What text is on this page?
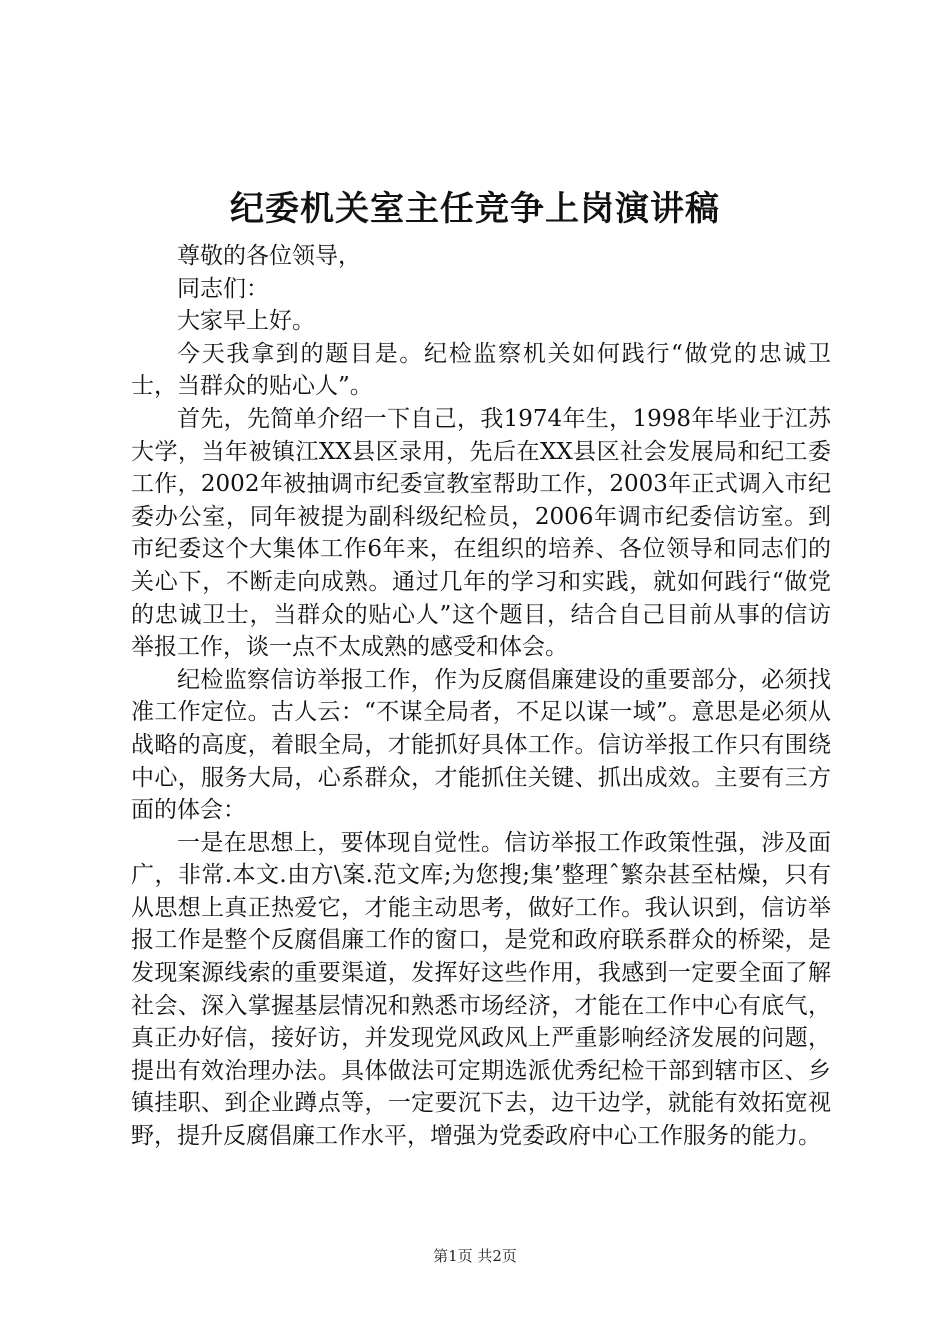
纪委机关室主任竞争上岗演讲稿

尊敬的各位领导，

同志们：

大家早上好。

今天我拿到的题目是。纪检监察机关如何践行“做党的忠诚卫士，当群众的贴心人”。

首先，先简单介绍一下自己，我1974年生，1998年毕业于江苏大学，当年被镇江XX县区录用，先后在XX县区社会发展局和纪工委工作，2002年被抽调市纪委宣教室帮助工作，2003年正式调入市纪委办公室，同年被提为副科级纪检员，2006年调市纪委信访室。到市纪委这个大集体工作6年来，在组织的培养、各位领导和同志们的关心下，不断走向成熟。通过几年的学习和实践，就如何践行“做党的忠诚卫士，当群众的贴心人”这个题目，结合自己目前从事的信访举报工作，谈一点不太成熟的感受和体会。

纪检监察信访举报工作，作为反腐倡廉建设的重要部分，必须找准工作定位。古人云：“不谋全局者，不足以谋一域”。意思是必须从战略的高度，着眼全局，才能抓好具体工作。信访举报工作只有围绕中心，服务大局，心系群众，才能抓住关键、抓出成效。主要有三方面的体会：

一是在思想上，要体现自觉性。信访举报工作政策性强，涉及面广，非常.本文.由方\案.范文库;为您搜;集’整理ˆ繁杂甚至枯燥，只有从思想上真正热爱它，才能主动思考，做好工作。我认识到，信访举报工作是整个反腐倡廉工作的窗口，是党和政府联系群众的桥梁，是发现案源线索的重要渠道，发挥好这些作用，我感到一定要全面了解社会、深入掌握基层情况和熟悉市场经济，才能在工作中心有底气，真正办好信，接好访，并发现党风政风上严重影响经济发展的问题，提出有效治理办法。具体做法可定期选派优秀纪检干部到辖市区、乡镇挂职、到企业蹲点等，一定要沉下去，边干边学，就能有效拓宽视野，提升反腐倡廉工作水平，增强为党委政府中心工作服务的能力。

第1页 共2页
